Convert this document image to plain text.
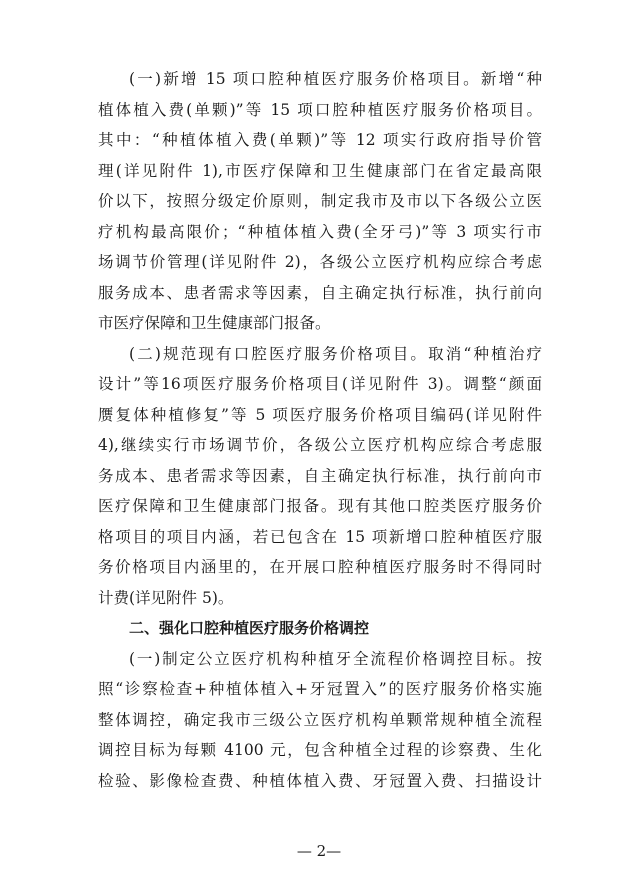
(一)新增 15 项口腔种植医疗服务价格项目。新增“种
植体植入费(单颗)”等 15 项口腔种植医疗服务价格项目。
其中：“种植体植入费(单颗)”等 12 项实行政府指导价管
理(详见附件 1),市医疗保障和卫生健康部门在省定最高限
价以下，按照分级定价原则，制定我市及市以下各级公立医
疗机构最高限价；“种植体植入费(全牙弓)”等 3 项实行市
场调节价管理(详见附件 2)，各级公立医疗机构应综合考虑
服务成本、患者需求等因素，自主确定执行标准，执行前向
市医疗保障和卫生健康部门报备。
(二)规范现有口腔医疗服务价格项目。取消“种植治疗
设计”等16项医疗服务价格项目(详见附件 3)。调整“颜面
赝复体种植修复”等 5 项医疗服务价格项目编码(详见附件
4),继续实行市场调节价，各级公立医疗机构应综合考虑服
务成本、患者需求等因素，自主确定执行标准，执行前向市
医疗保障和卫生健康部门报备。现有其他口腔类医疗服务价
格项目的项目内涵，若已包含在 15 项新增口腔种植医疗服
务价格项目内涵里的，在开展口腔种植医疗服务时不得同时
计费(详见附件 5)。
二、强化口腔种植医疗服务价格调控
(一)制定公立医疗机构种植牙全流程价格调控目标。按
照“诊察检查+种植体植入+牙冠置入”的医疗服务价格实施
整体调控，确定我市三级公立医疗机构单颗常规种植全流程
调控目标为每颗 4100 元，包含种植全过程的诊察费、生化
检验、影像检查费、种植体植入费、牙冠置入费、扫描设计
— 2—
